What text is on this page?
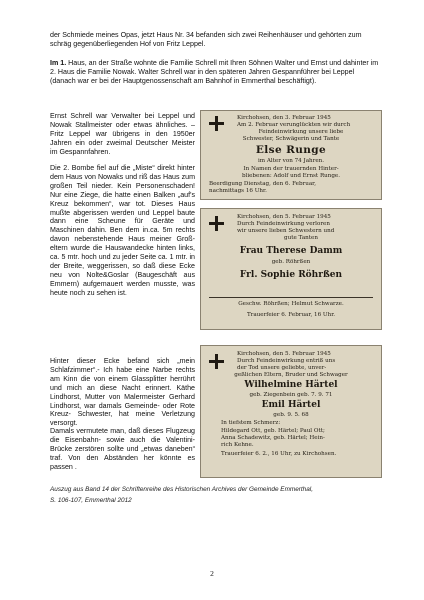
der Schmiede meines Opas, jetzt Haus Nr. 34 befanden sich zwei Reihenhäuser und gehörten zum schräg gegenüberliegenden Hof von Fritz Leppel.

Im 1. Haus, an der Straße wohnte die Familie Schrell mit Ihren Söhnen Walter und Ernst und dahinter im 2. Haus die Familie Nowak. Walter Schrell war in den späteren Jahren Gespannführer bei Leppel (danach war er bei der Hauptgenossenschaft am Bahnhof in Emmerthal beschäftigt).

Ernst Schrell war Verwalter bei Leppel und Nowak Stallmeister oder etwas ähnliches. – Fritz Leppel war übrigens in den 1950er Jahren ein oder zweimal Deutscher Meister im Gespannfahren.

Die 2. Bombe fiel auf die „Miste“ direkt hinter dem Haus von Nowaks und riß das Haus zum großen Teil nieder. Kein Personenschaden! Nur eine Ziege, die hatte einen Balken „auf's Kreuz bekommen“, war tot. Dieses Haus mußte abgerissen werden und Leppel baute dann eine Scheune für Geräte und Maschinen dahin. Ben dem in.ca. 5m rechts davon nebenstehende Haus meiner Groß-eltern wurde die Hauswandecke hinten links, ca. 5 mtr. hoch und zu jeder Seite ca. 1 mtr. in der Breite, weggerissen, so daß diese Ecke neu von Nolte&Goslar (Baugeschäft aus Emmern) aufgemauert werden musste, was heute noch zu sehen ist.

Hinter dieser Ecke befand sich „mein Schlafzimmer“.- Ich habe eine Narbe rechts am Kinn die von einem Glassplitter herrührt und mich an diese Nacht erinnert. Käthe Lindhorst, Mutter von Malermeister Gerhard Lindhorst, war damals Gemeinde- oder Rote Kreuz- Schwester, hat meine Verletzung versorgt.

Damals vermutete man, daß dieses Flugzeug die Eisenbahn- sowie auch die Valentini-Brücke zerstören sollte und „etwas daneben“ traf. Von den Abständen her könnte es passen .

Kirchohsen, den 3. Februar 1945
Am 2. Februar verunglückten wir durch
Feindeinwirkung unsere liebe
Schwester, Schwägerin und Tante
Else Runge
im Alter von 74 Jahren.
In Namen der trauernden Hinter-
bliebenen: Adolf und Ernst Runge.
Beerdigung Dienstag, den 6. Februar,
nachmittags 16 Uhr.
Kirchohsen, den 5. Februar 1945
Durch Feindeinwirkung verloren
wir unsere lieben Schwestern und
gute Tanten
Frau Therese Damm
geb. Röhrßen
Frl. Sophie Röhrßen
Geschw. Röhrßen; Helmut Schwarze.
Trauerfeier 6. Februar, 16 Uhr.
Kirchohsen, den 5. Februar 1945
Durch Feindeinwirkung entriß uns
der Tod unsere geliebte, unver-
geßlichen Eltern, Bruder und Schwager
Wilhelmine Härtel
geb. Ziegenbein geb. 7. 9. 71
Emil Härtel
geb. 9. 5. 68
In tiefstem Schmerz:
Hildegard Ott, geb. Härtel; Paul Ott;
Anna Schadewitz, geb. Härtel; Hein-
rich Kehne.
Trauerfeier 6. 2., 16 Uhr, zu Kirchohsen.
Auszug aus Band 14 der Schriftenreihe des Historischen Archives der Gemeinde Emmerthal,
S. 106-107, Emmerthal 2012
2
